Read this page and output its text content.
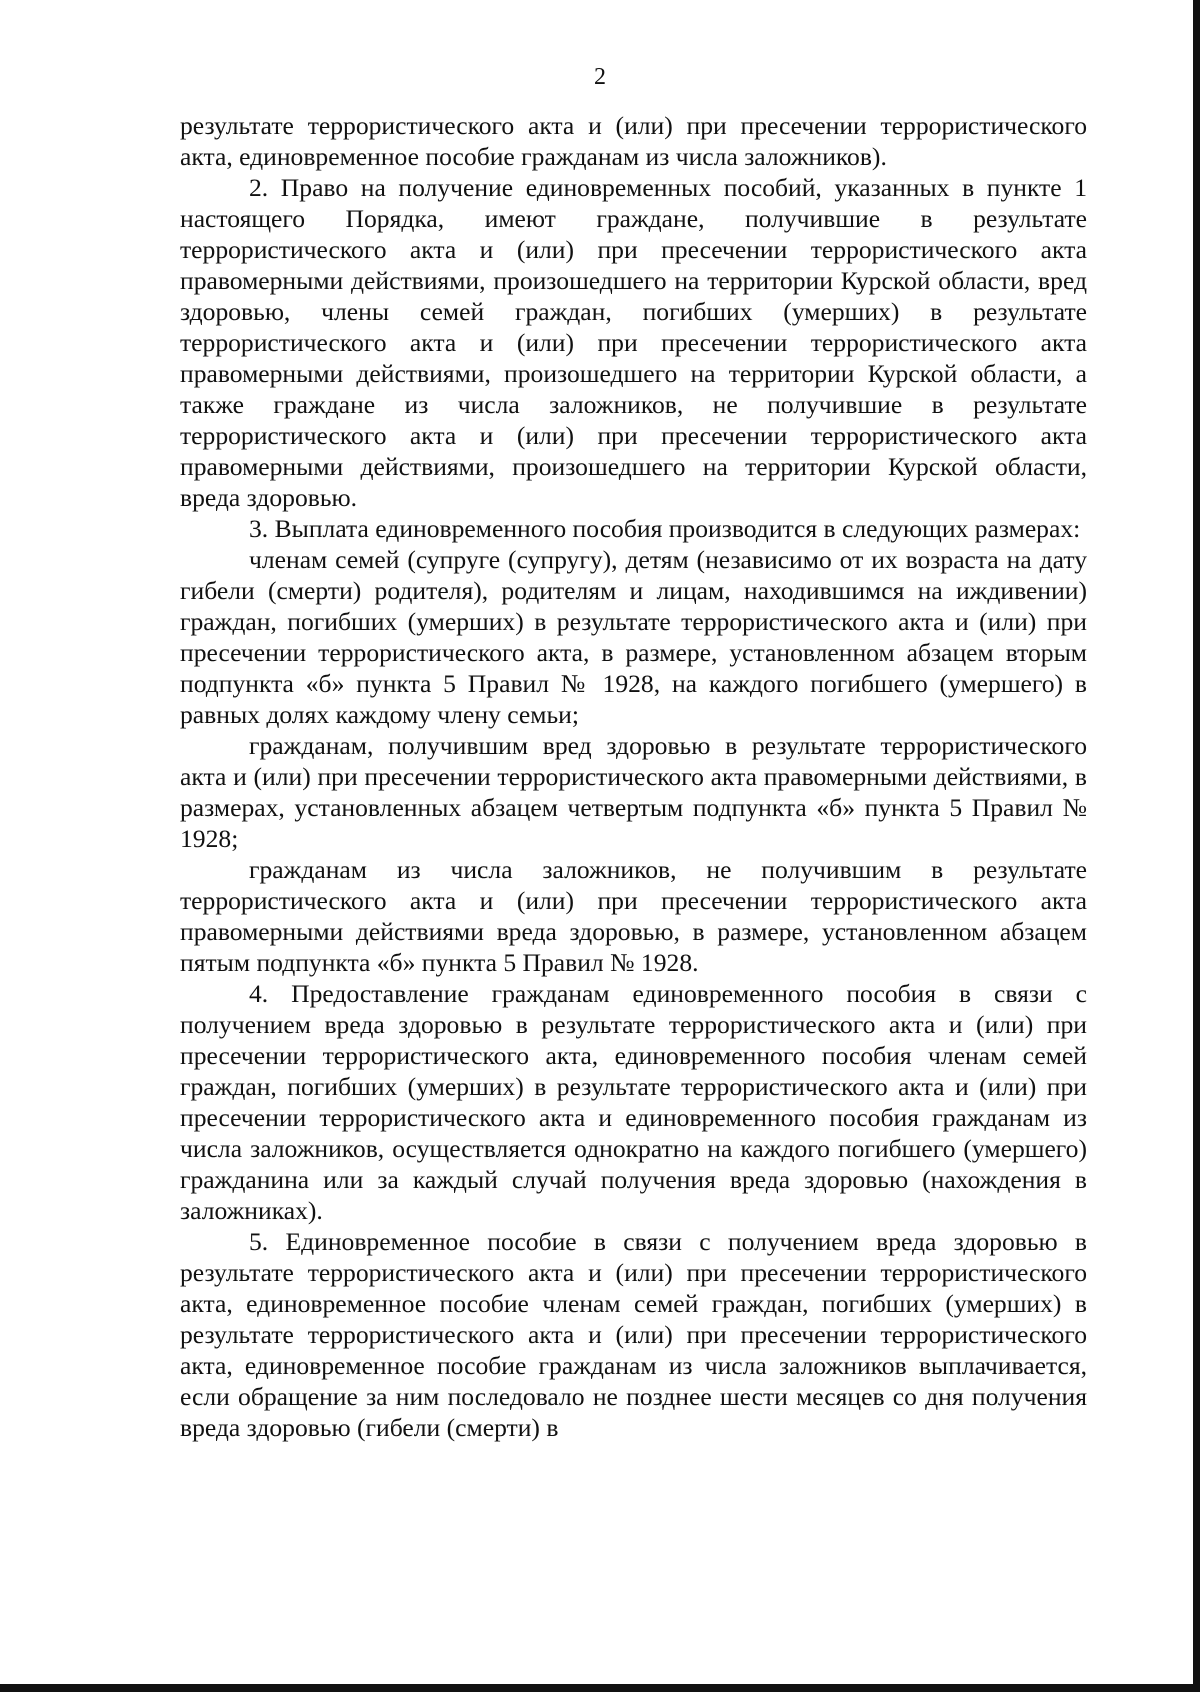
2

результате террористического акта и (или) при пресечении террористического акта, единовременное пособие гражданам из числа заложников).

2. Право на получение единовременных пособий, указанных в пункте 1 настоящего Порядка, имеют граждане, получившие в результате террористического акта и (или) при пресечении террористического акта правомерными действиями, произошедшего на территории Курской области, вред здоровью, члены семей граждан, погибших (умерших) в результате террористического акта и (или) при пресечении террористического акта правомерными действиями, произошедшего на территории Курской области, а также граждане из числа заложников, не получившие в результате террористического акта и (или) при пресечении террористического акта правомерными действиями, произошедшего на территории Курской области, вреда здоровью.

3. Выплата единовременного пособия производится в следующих размерах:

членам семей (супруге (супругу), детям (независимо от их возраста на дату гибели (смерти) родителя), родителям и лицам, находившимся на иждивении) граждан, погибших (умерших) в результате террористического акта и (или) при пресечении террористического акта, в размере, установленном абзацем вторым подпункта «б» пункта 5 Правил № 1928, на каждого погибшего (умершего) в равных долях каждому члену семьи;

гражданам, получившим вред здоровью в результате террористического акта и (или) при пресечении террористического акта правомерными действиями, в размерах, установленных абзацем четвертым подпункта «б» пункта 5 Правил № 1928;

гражданам из числа заложников, не получившим в результате террористического акта и (или) при пресечении террористического акта правомерными действиями вреда здоровью, в размере, установленном абзацем пятым подпункта «б» пункта 5 Правил № 1928.

4. Предоставление гражданам единовременного пособия в связи с получением вреда здоровью в результате террористического акта и (или) при пресечении террористического акта, единовременного пособия членам семей граждан, погибших (умерших) в результате террористического акта и (или) при пресечении террористического акта и единовременного пособия гражданам из числа заложников, осуществляется однократно на каждого погибшего (умершего) гражданина или за каждый случай получения вреда здоровью (нахождения в заложниках).

5. Единовременное пособие в связи с получением вреда здоровью в результате террористического акта и (или) при пресечении террористического акта, единовременное пособие членам семей граждан, погибших (умерших) в результате террористического акта и (или) при пресечении террористического акта, единовременное пособие гражданам из числа заложников выплачивается, если обращение за ним последовало не позднее шести месяцев со дня получения вреда здоровью (гибели (смерти) в
